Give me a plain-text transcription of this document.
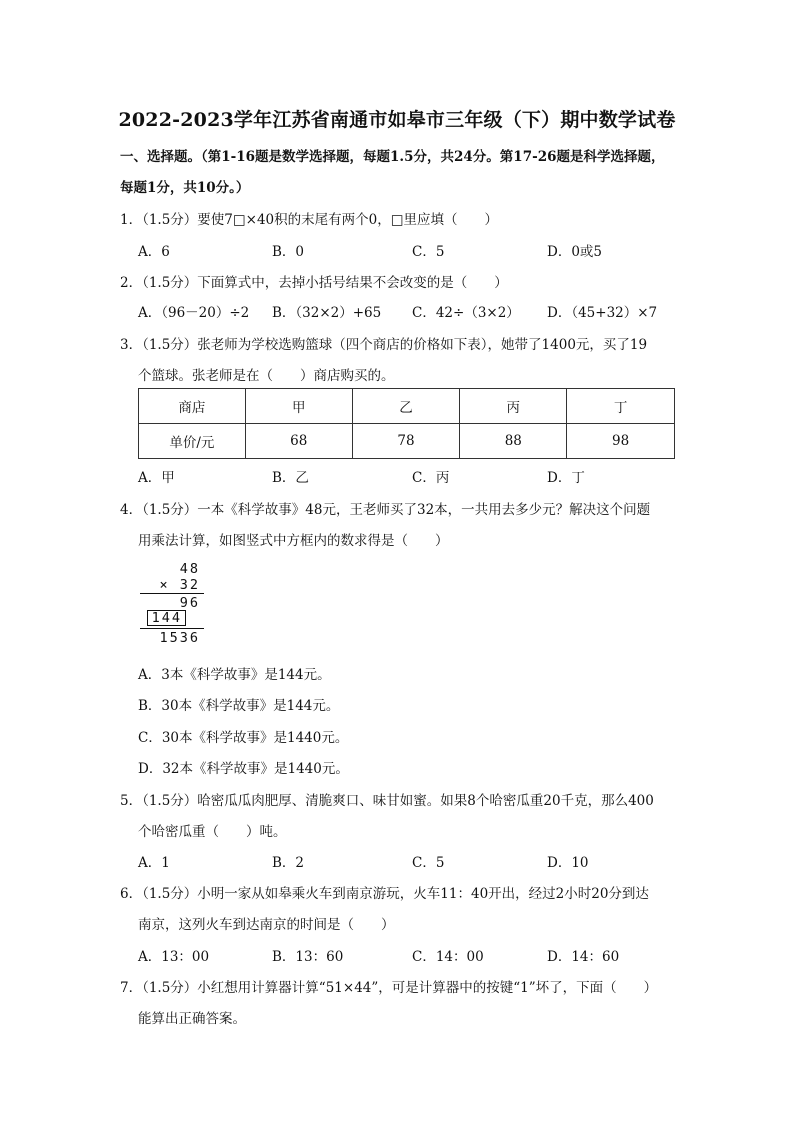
2022-2023学年江苏省南通市如皋市三年级（下）期中数学试卷
一、选择题。（第1-16题是数学选择题，每题1.5分，共24分。第17-26题是科学选择题，
每题1分，共10分。）
1．（1.5分）要使7□×40积的末尾有两个0，□里应填（　　）
A．6	B．0	C．5	D．0或5
2．（1.5分）下面算式中，去掉小括号结果不会改变的是（　　）
A．（96－20）÷2 B．（32×2）+65 C．42÷（3×2） D．（45+32）×7
3．（1.5分）张老师为学校选购篮球（四个商店的价格如下表），她带了1400元，买了19
个篮球。张老师是在（　　）商店购买的。
商店	甲	乙	丙	丁
单价/元	68	78	88	98
A．甲	B．乙	C．丙	D．丁
4．（1.5分）一本《科学故事》48元，王老师买了32本，一共用去多少元？解决这个问题
用乘法计算，如图竖式中方框内的数求得是（　　）
48
× 32
96
144
1536
A．3本《科学故事》是144元。
B．30本《科学故事》是144元。
C．30本《科学故事》是1440元。
D．32本《科学故事》是1440元。
5．（1.5分）哈密瓜瓜肉肥厚、清脆爽口、味甘如蜜。如果8个哈密瓜重20千克，那么400
个哈密瓜重（　　）吨。
A．1	B．2	C．5	D．10
6．（1.5分）小明一家从如皋乘火车到南京游玩，火车11：40开出，经过2小时20分到达
南京，这列火车到达南京的时间是（　　）
A．13：00	B．13：60	C．14：00	D．14：60
7．（1.5分）小红想用计算器计算“51×44”，可是计算器中的按键“1”坏了，下面（　　）
能算出正确答案。
